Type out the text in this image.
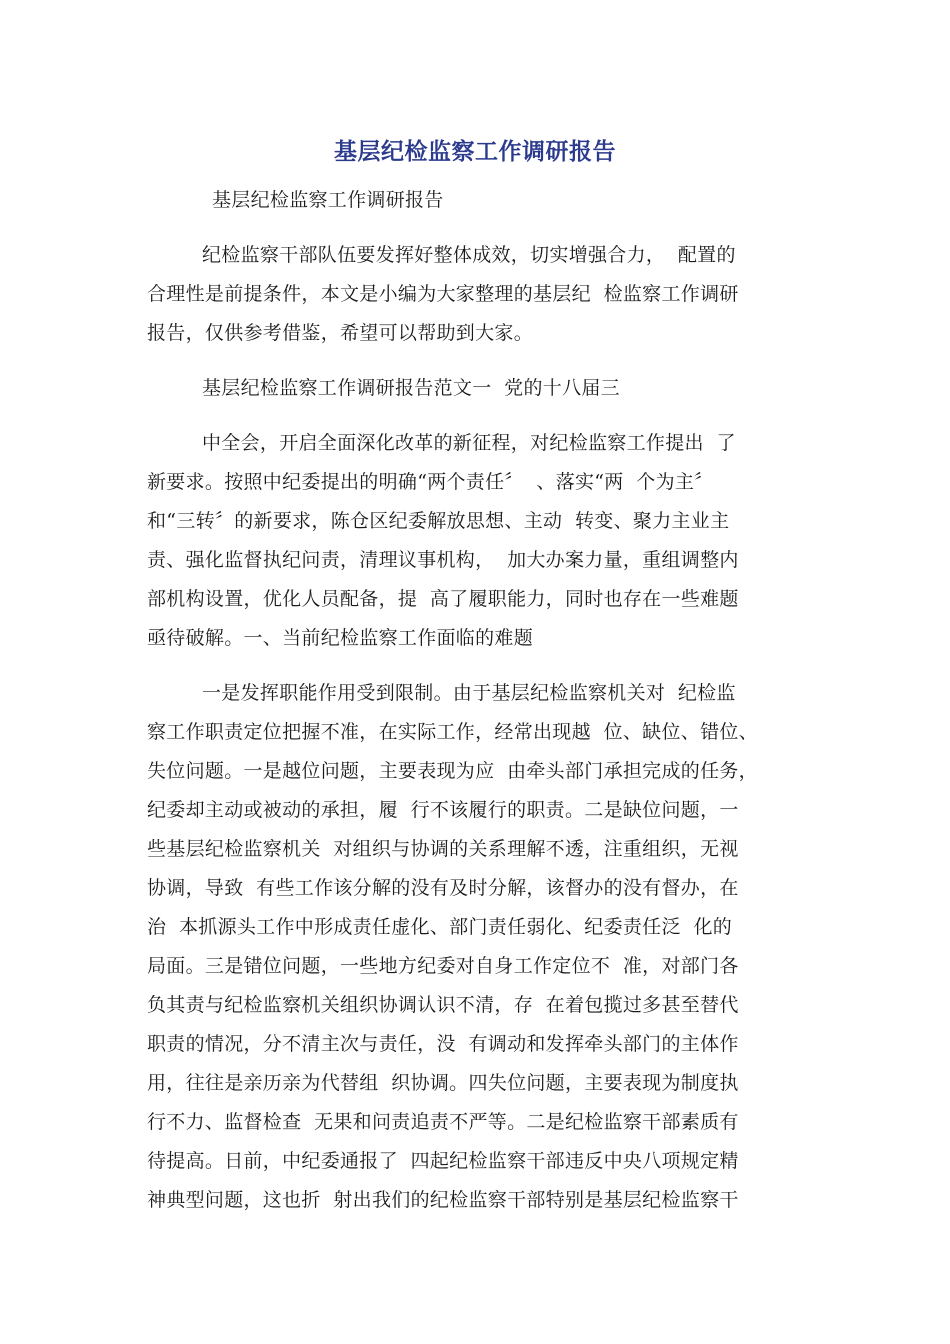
基层纪检监察工作调研报告
基层纪检监察工作调研报告
纪检监察干部队伍要发挥好整体成效，切实增强合力，  配置的
合理性是前提条件，本文是小编为大家整理的基层纪  检监察工作调研
报告，仅供参考借鉴，希望可以帮助到大家。
基层纪检监察工作调研报告范文一  党的十八届三
中全会，开启全面深化改革的新征程，对纪检监察工作提出  了
新要求。按照中纪委提出的明确“两个责任〞  、落实“两  个为主〞
和“三转〞的新要求，陈仓区纪委解放思想、主动  转变、聚力主业主
责、强化监督执纪问责，清理议事机构，  加大办案力量，重组调整内
部机构设置，优化人员配备，提  高了履职能力，同时也存在一些难题
亟待破解。一、当前纪检监察工作面临的难题
一是发挥职能作用受到限制。由于基层纪检监察机关对  纪检监
察工作职责定位把握不准，在实际工作，经常出现越  位、缺位、错位、
失位问题。一是越位问题，主要表现为应  由牵头部门承担完成的任务，
纪委却主动或被动的承担，履  行不该履行的职责。二是缺位问题，一
些基层纪检监察机关  对组织与协调的关系理解不透，注重组织，无视
协调，导致  有些工作该分解的没有及时分解，该督办的没有督办，在
治  本抓源头工作中形成责任虚化、部门责任弱化、纪委责任泛  化的
局面。三是错位问题，一些地方纪委对自身工作定位不  准，对部门各
负其责与纪检监察机关组织协调认识不清，存  在着包揽过多甚至替代
职责的情况，分不清主次与责任，没  有调动和发挥牵头部门的主体作
用，往往是亲历亲为代替组  织协调。四失位问题，主要表现为制度执
行不力、监督检查  无果和问责追责不严等。二是纪检监察干部素质有
待提高。日前，中纪委通报了  四起纪检监察干部违反中央八项规定精
神典型问题，这也折  射出我们的纪检监察干部特别是基层纪检监察干
